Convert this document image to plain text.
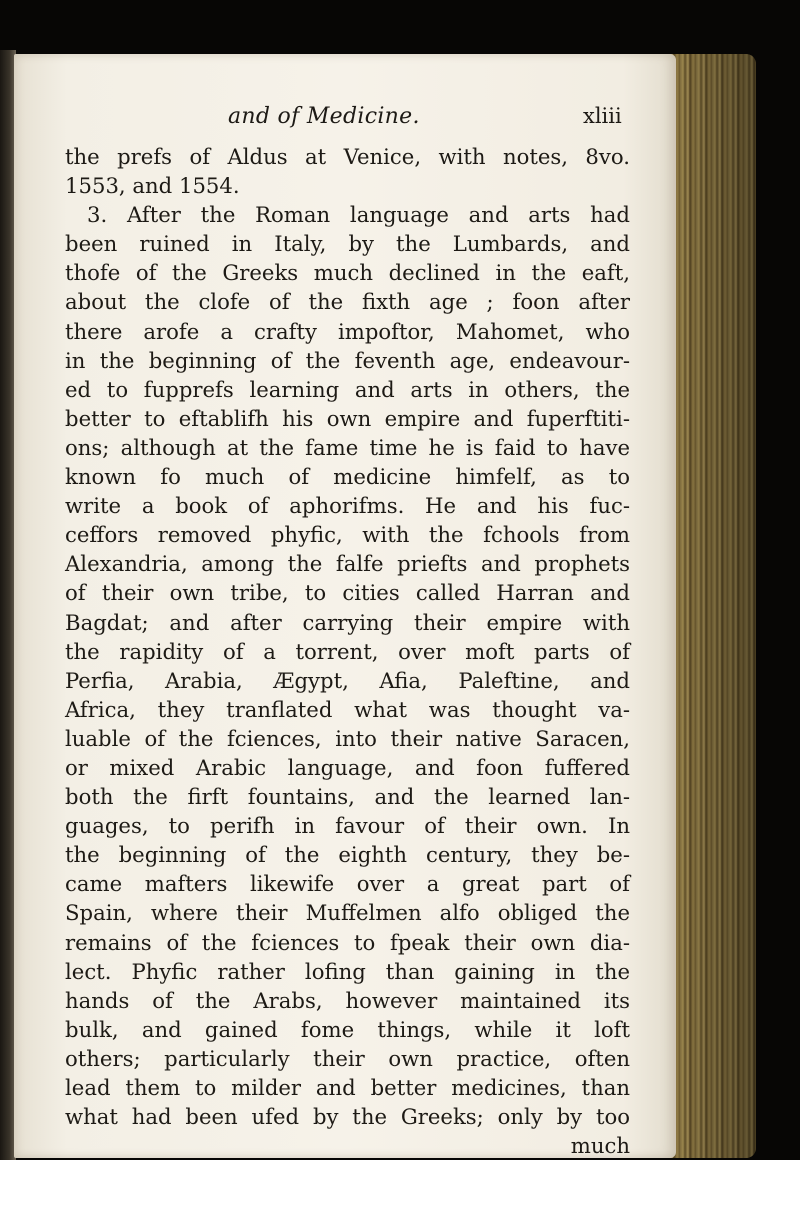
and of Medicine.	xliii
the prefs of Aldus at Venice, with notes, 8vo.
1553, and 1554.
3. After the Roman language and arts had
been ruined in Italy, by the Lumbards, and
thofe of the Greeks much declined in the eaft,
about the clofe of the fixth age ; foon after
there arofe a crafty impoftor, Mahomet, who
in the beginning of the feventh age, endeavour-
ed to fupprefs learning and arts in others, the
better to eftablifh his own empire and fuperftiti-
ons; although at the fame time he is faid to have
known fo much of medicine himfelf, as to
write a book of aphorifms. He and his fuc-
ceffors removed phyfic, with the fchools from
Alexandria, among the falfe priefts and prophets
of their own tribe, to cities called Harran and
Bagdat; and after carrying their empire with
the rapidity of a torrent, over moft parts of
Perfia, Arabia, Ægypt, Afia, Paleftine, and
Africa, they tranflated what was thought va-
luable of the fciences, into their native Saracen,
or mixed Arabic language, and foon fuffered
both the firft fountains, and the learned lan-
guages, to perifh in favour of their own. In
the beginning of the eighth century, they be-
came mafters likewife over a great part of
Spain, where their Muffelmen alfo obliged the
remains of the fciences to fpeak their own dia-
lect. Phyfic rather lofing than gaining in the
hands of the Arabs, however maintained its
bulk, and gained fome things, while it loft
others; particularly their own practice, often
lead them to milder and better medicines, than
what had been ufed by the Greeks; only by too
much
